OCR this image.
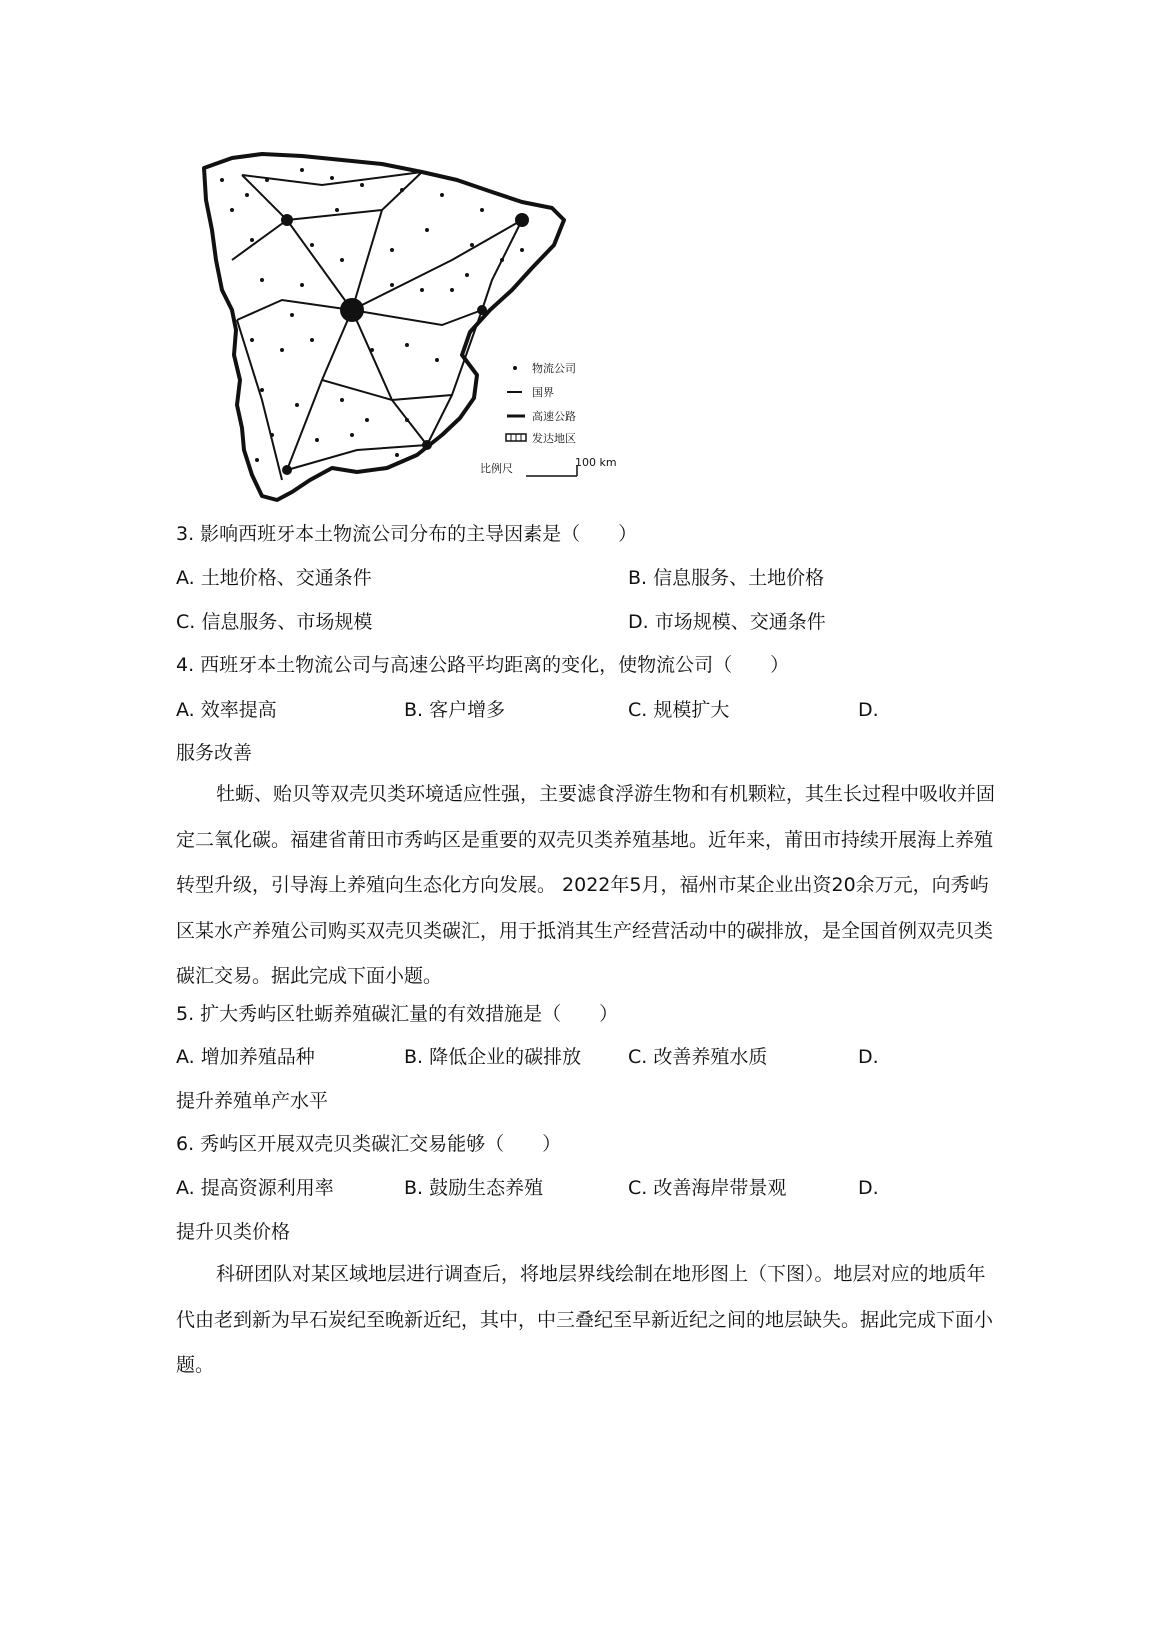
物流公司
国界
高速公路
发达地区
比例尺	100 km
3. 影响西班牙本土物流公司分布的主导因素是（　　）
A. 土地价格、交通条件	B. 信息服务、土地价格
C. 信息服务、市场规模	D. 市场规模、交通条件
4. 西班牙本土物流公司与高速公路平均距离的变化，使物流公司（　　）
A. 效率提高	B. 客户增多	C. 规模扩大	D.
服务改善
牡蛎、贻贝等双壳贝类环境适应性强，主要滤食浮游生物和有机颗粒，其生长过程中吸收并固定二氧化碳。福建省莆田市秀屿区是重要的双壳贝类养殖基地。近年来，莆田市持续开展海上养殖转型升级，引导海上养殖向生态化方向发展。 2022年5月，福州市某企业出资20余万元，向秀屿区某水产养殖公司购买双壳贝类碳汇，用于抵消其生产经营活动中的碳排放，是全国首例双壳贝类碳汇交易。据此完成下面小题。
5. 扩大秀屿区牡蛎养殖碳汇量的有效措施是（　　）
A. 增加养殖品种	B. 降低企业的碳排放 C. 改善养殖水质	D.
提升养殖单产水平
6. 秀屿区开展双壳贝类碳汇交易能够（　　）
A. 提高资源利用率	B. 鼓励生态养殖	C. 改善海岸带景观	D.
提升贝类价格
科研团队对某区域地层进行调查后，将地层界线绘制在地形图上（下图）。地层对应的地质年代由老到新为早石炭纪至晚新近纪，其中，中三叠纪至早新近纪之间的地层缺失。据此完成下面小题。
